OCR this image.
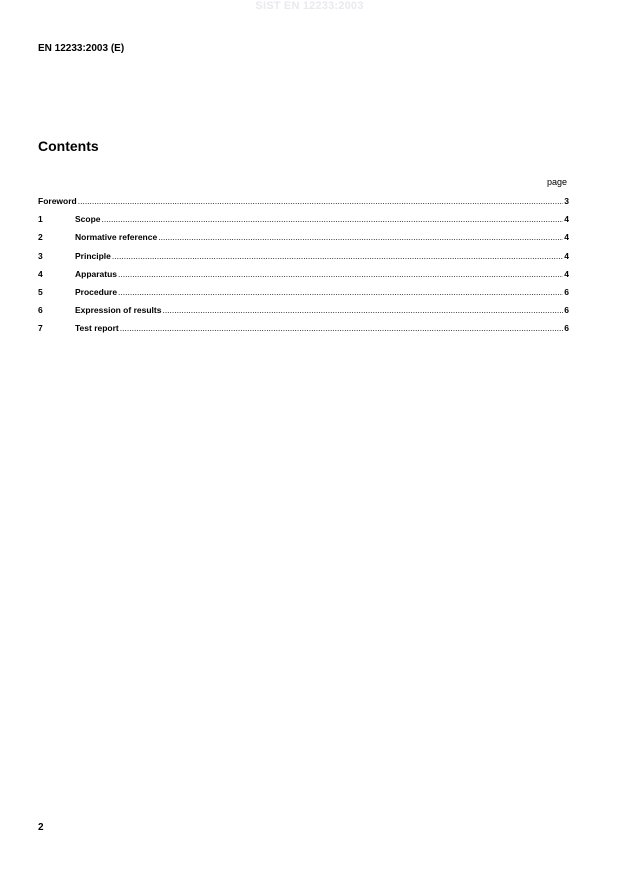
SIST EN 12233:2003
EN 12233:2003 (E)
Contents
page
Foreword .....	3
1	Scope .....	4
2	Normative reference .....	4
3	Principle .....	4
4	Apparatus .....	4
5	Procedure .....	6
6	Expression of results .....	6
7	Test report .....	6
2
